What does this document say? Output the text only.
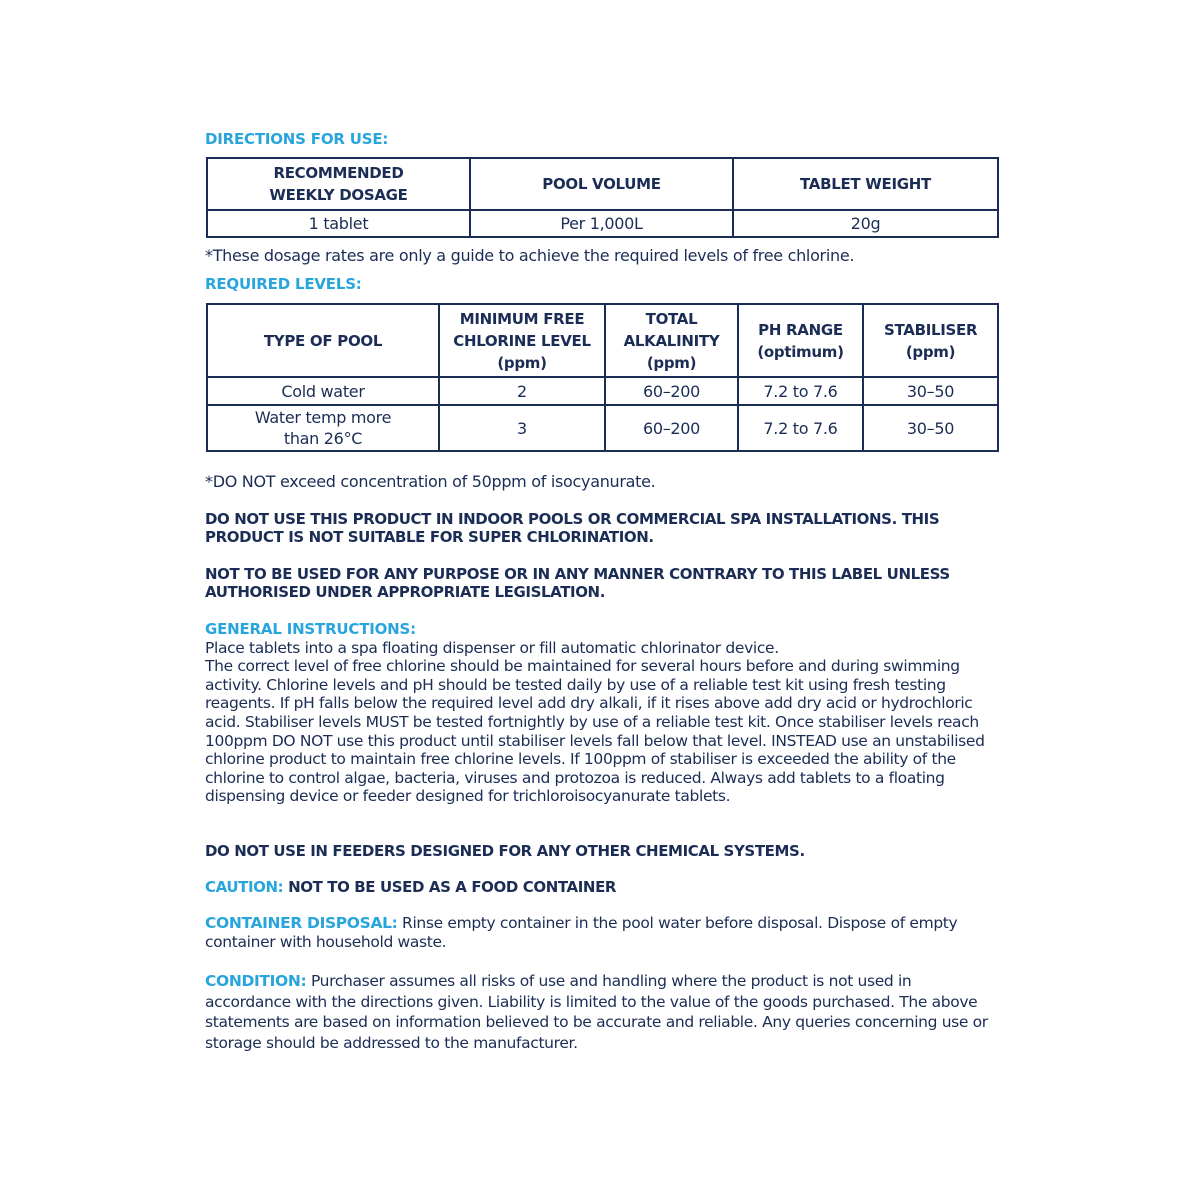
DIRECTIONS FOR USE:
RECOMMENDED WEEKLY DOSAGE	POOL VOLUME	TABLET WEIGHT
1 tablet	Per 1,000L	20g
*These dosage rates are only a guide to achieve the required levels of free chlorine.
REQUIRED LEVELS:
TYPE OF POOL	MINIMUM FREE CHLORINE LEVEL (ppm)	TOTAL ALKALINITY (ppm)	PH RANGE (optimum)	STABILISER (ppm)
Cold water	2	60–200	7.2 to 7.6	30–50
Water temp more than 26°C	3	60–200	7.2 to 7.6	30–50
*DO NOT exceed concentration of 50ppm of isocyanurate.
DO NOT USE THIS PRODUCT IN INDOOR POOLS OR COMMERCIAL SPA INSTALLATIONS. THIS PRODUCT IS NOT SUITABLE FOR SUPER CHLORINATION.
NOT TO BE USED FOR ANY PURPOSE OR IN ANY MANNER CONTRARY TO THIS LABEL UNLESS AUTHORISED UNDER APPROPRIATE LEGISLATION.
GENERAL INSTRUCTIONS:
Place tablets into a spa floating dispenser or fill automatic chlorinator device.
The correct level of free chlorine should be maintained for several hours before and during swimming activity. Chlorine levels and pH should be tested daily by use of a reliable test kit using fresh testing reagents. If pH falls below the required level add dry alkali, if it rises above add dry acid or hydrochloric acid. Stabiliser levels MUST be tested fortnightly by use of a reliable test kit. Once stabiliser levels reach 100ppm DO NOT use this product until stabiliser levels fall below that level. INSTEAD use an unstabilised chlorine product to maintain free chlorine levels. If 100ppm of stabiliser is exceeded the ability of the chlorine to control algae, bacteria, viruses and protozoa is reduced. Always add tablets to a floating dispensing device or feeder designed for trichloroisocyanurate tablets.
DO NOT USE IN FEEDERS DESIGNED FOR ANY OTHER CHEMICAL SYSTEMS.
CAUTION: NOT TO BE USED AS A FOOD CONTAINER
CONTAINER DISPOSAL: Rinse empty container in the pool water before disposal. Dispose of empty container with household waste.
CONDITION: Purchaser assumes all risks of use and handling where the product is not used in accordance with the directions given. Liability is limited to the value of the goods purchased. The above statements are based on information believed to be accurate and reliable. Any queries concerning use or storage should be addressed to the manufacturer.
